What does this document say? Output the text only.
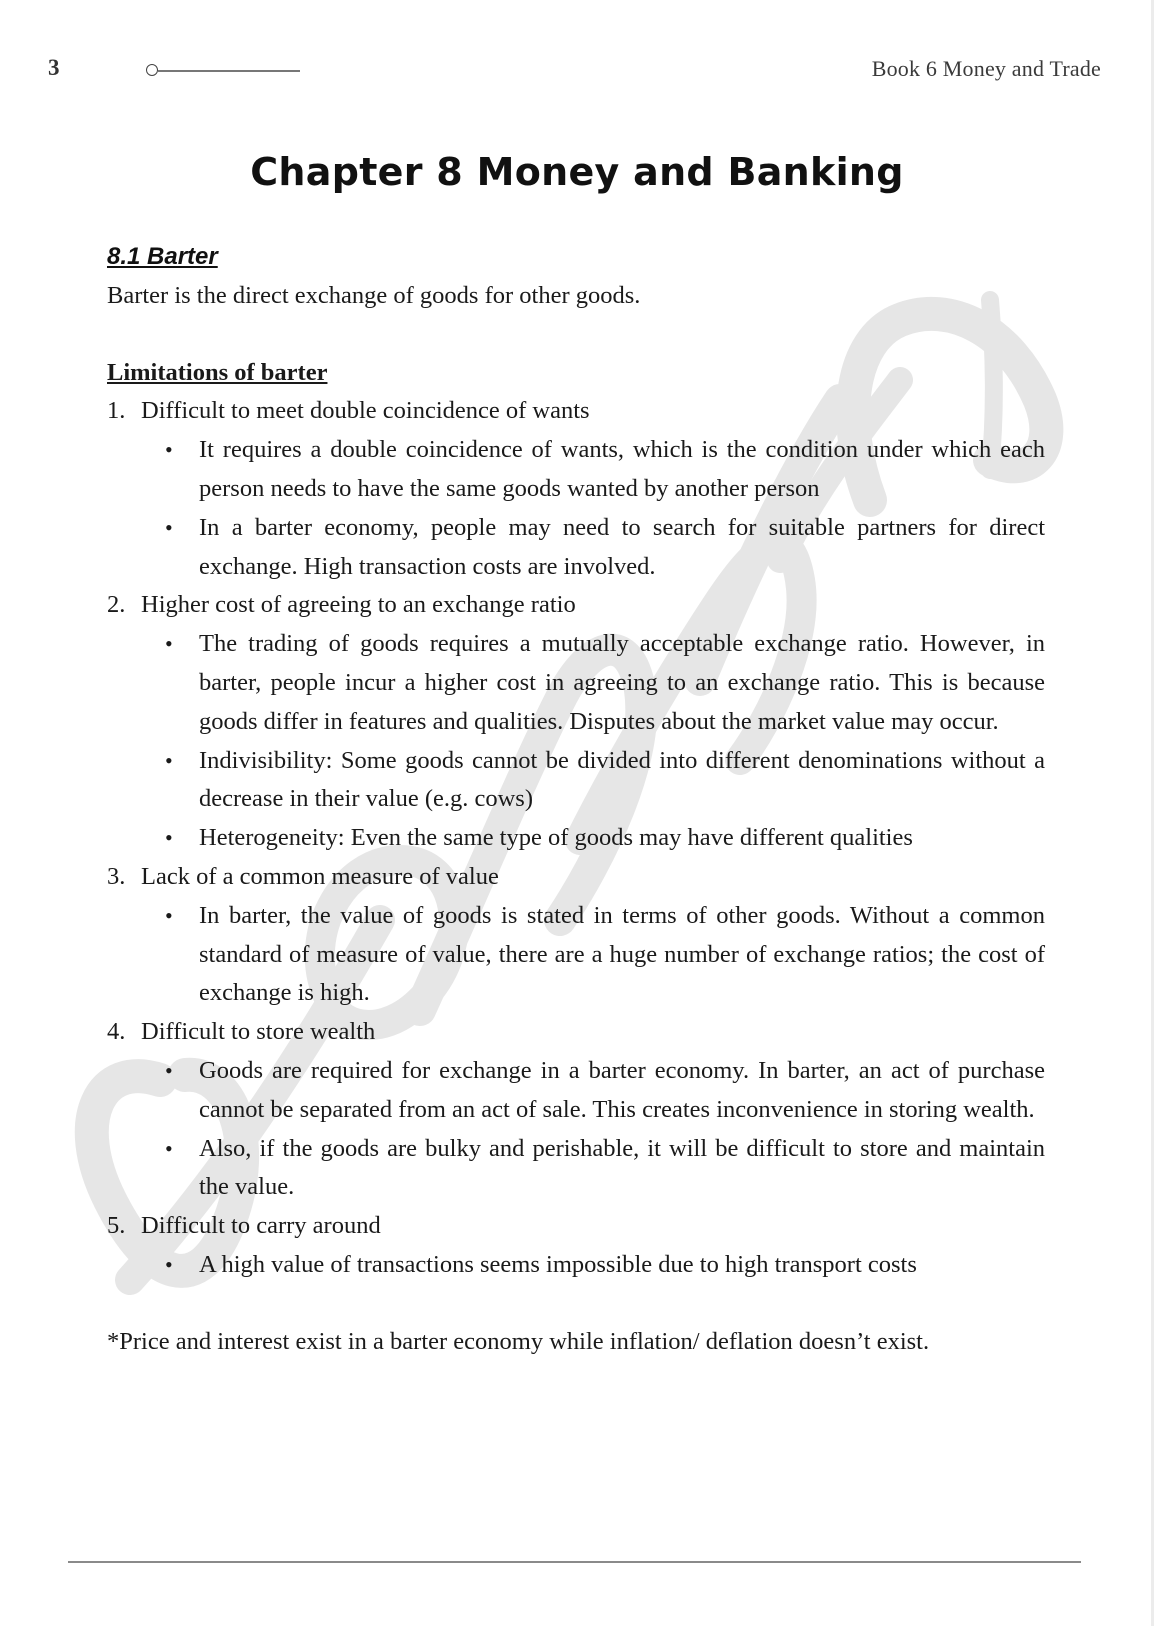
3	Book 6 Money and Trade
Chapter 8 Money and Banking
8.1 Barter

Barter is the direct exchange of goods for other goods.

Limitations of barter
1. Difficult to meet double coincidence of wants
•	It requires a double coincidence of wants, which is the condition under which each person needs to have the same goods wanted by another person
•	In a barter economy, people may need to search for suitable partners for direct exchange. High transaction costs are involved.
2. Higher cost of agreeing to an exchange ratio
•	The trading of goods requires a mutually acceptable exchange ratio. However, in barter, people incur a higher cost in agreeing to an exchange ratio. This is because goods differ in features and qualities. Disputes about the market value may occur.
•	Indivisibility: Some goods cannot be divided into different denominations without a decrease in their value (e.g. cows)
•	Heterogeneity: Even the same type of goods may have different qualities
3. Lack of a common measure of value
•	In barter, the value of goods is stated in terms of other goods. Without a common standard of measure of value, there are a huge number of exchange ratios; the cost of exchange is high.
4. Difficult to store wealth
•	Goods are required for exchange in a barter economy. In barter, an act of purchase cannot be separated from an act of sale. This creates inconvenience in storing wealth.
•	Also, if the goods are bulky and perishable, it will be difficult to store and maintain the value.
5. Difficult to carry around
•	A high value of transactions seems impossible due to high transport costs

*Price and interest exist in a barter economy while inflation/ deflation doesn’t exist.
